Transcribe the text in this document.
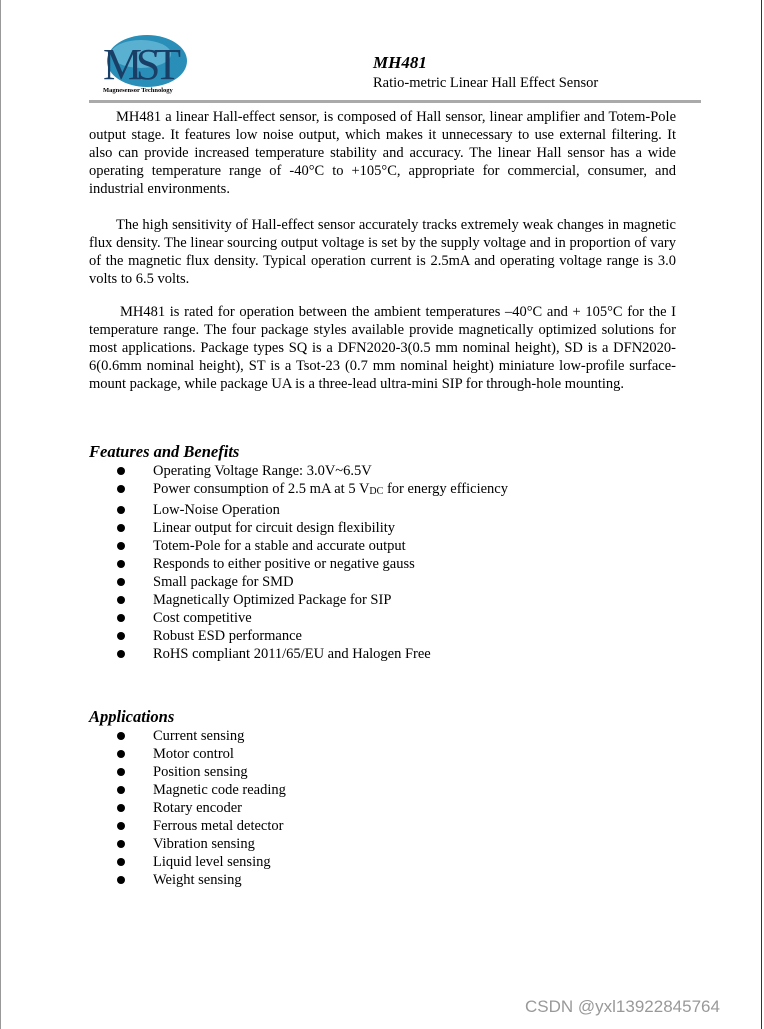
MST
Magnesensor Technology
MH481
Ratio-metric Linear Hall Effect Sensor

MH481 a linear Hall-effect sensor, is composed of Hall sensor, linear amplifier and Totem-Pole output stage. It features low noise output, which makes it unnecessary to use external filtering. It also can provide increased temperature stability and accuracy. The linear Hall sensor has a wide operating temperature range of -40°C to +105°C, appropriate for commercial, consumer, and industrial environments.

The high sensitivity of Hall-effect sensor accurately tracks extremely weak changes in magnetic flux density. The linear sourcing output voltage is set by the supply voltage and in proportion of vary of the magnetic flux density. Typical operation current is 2.5mA and operating voltage range is 3.0 volts to 6.5 volts.

MH481 is rated for operation between the ambient temperatures –40°C and + 105°C for the I temperature range. The four package styles available provide magnetically optimized solutions for most applications. Package types SQ is a DFN2020-3(0.5 mm nominal height), SD is a DFN2020-6(0.6mm nominal height), ST is a Tsot-23 (0.7 mm nominal height) miniature low-profile surface-mount package, while package UA is a three-lead ultra-mini SIP for through-hole mounting.

Features and Benefits
Operating Voltage Range: 3.0V~6.5V
Power consumption of 2.5 mA at 5 $V_{DC}$ for energy efficiency
Low-Noise Operation
Linear output for circuit design flexibility
Totem-Pole for a stable and accurate output
Responds to either positive or negative gauss
Small package for SMD
Magnetically Optimized Package for SIP
Cost competitive
Robust ESD performance
RoHS compliant 2011/65/EU and Halogen Free
Applications
Current sensing
Motor control
Position sensing
Magnetic code reading
Rotary encoder
Ferrous metal detector
Vibration sensing
Liquid level sensing
Weight sensing
CSDN @yxl13922845764
